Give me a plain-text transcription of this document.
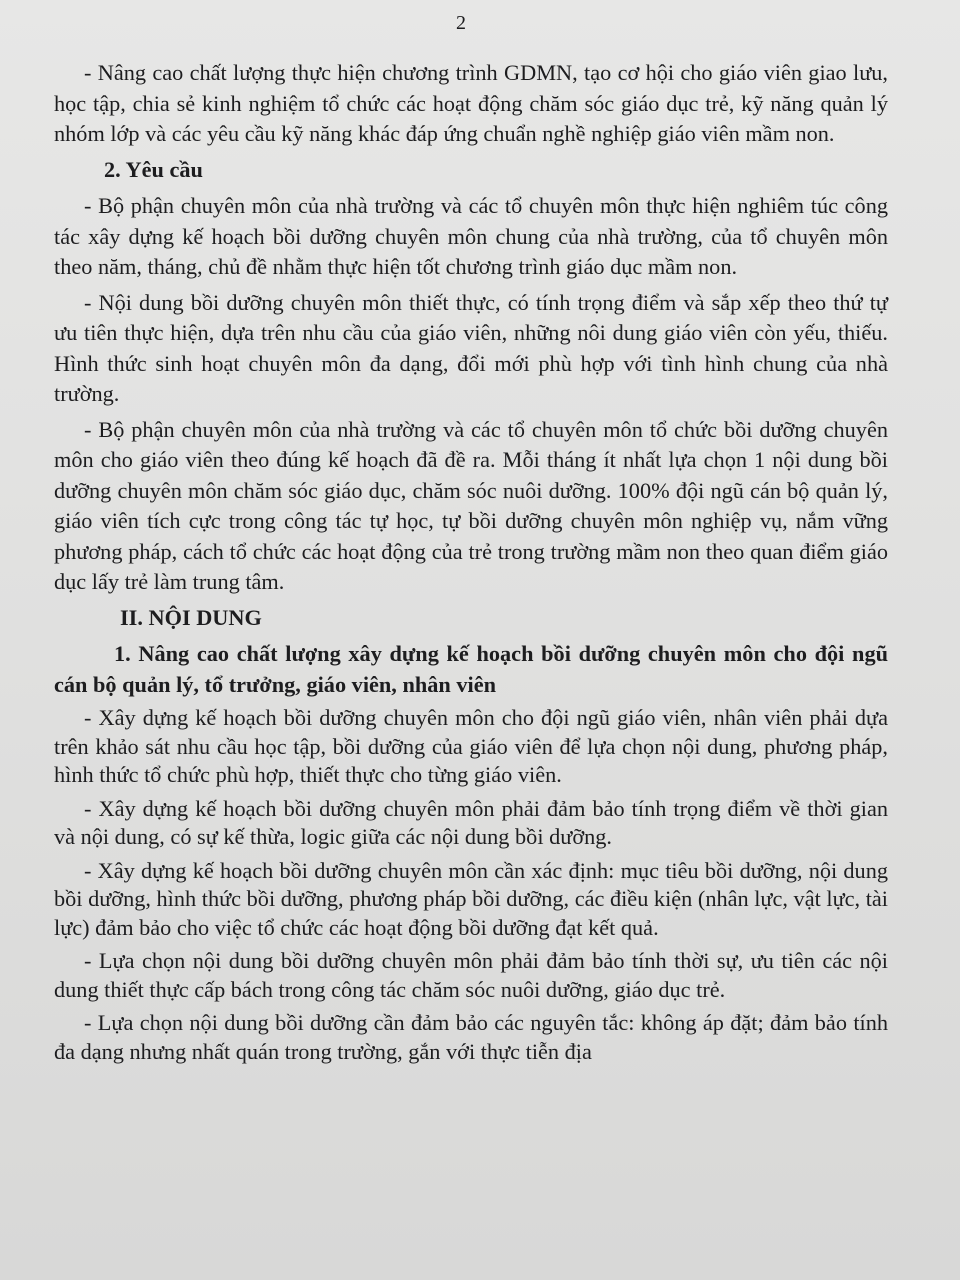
2

- Nâng cao chất lượng thực hiện chương trình GDMN, tạo cơ hội cho giáo viên giao lưu, học tập, chia sẻ kinh nghiệm tổ chức các hoạt động chăm sóc giáo dục trẻ, kỹ năng quản lý nhóm lớp và các yêu cầu kỹ năng khác đáp ứng chuẩn nghề nghiệp giáo viên mầm non.

2. Yêu cầu

- Bộ phận chuyên môn của nhà trường và các tổ chuyên môn thực hiện nghiêm túc công tác xây dựng kế hoạch bồi dưỡng chuyên môn chung của nhà trường, của tổ chuyên môn theo năm, tháng, chủ đề nhằm thực hiện tốt chương trình giáo dục mầm non.

- Nội dung bồi dưỡng chuyên môn thiết thực, có tính trọng điểm và sắp xếp theo thứ tự ưu tiên thực hiện, dựa trên nhu cầu của giáo viên, những nôi dung giáo viên còn yếu, thiếu. Hình thức sinh hoạt chuyên môn đa dạng, đổi mới phù hợp với tình hình chung của nhà trường.

- Bộ phận chuyên môn của nhà trường và các tổ chuyên môn tổ chức bồi dưỡng chuyên môn cho giáo viên theo đúng kế hoạch đã đề ra. Mỗi tháng ít nhất lựa chọn 1 nội dung bồi dưỡng chuyên môn chăm sóc giáo dục, chăm sóc nuôi dưỡng. 100% đội ngũ cán bộ quản lý, giáo viên tích cực trong công tác tự học, tự bồi dưỡng chuyên môn nghiệp vụ, nắm vững phương pháp, cách tổ chức các hoạt động của trẻ trong trường mầm non theo quan điểm giáo dục lấy trẻ làm trung tâm.

II. NỘI DUNG
1. Nâng cao chất lượng xây dựng kế hoạch bồi dưỡng chuyên môn cho đội ngũ cán bộ quản lý, tổ trưởng, giáo viên, nhân viên

- Xây dựng kế hoạch bồi dưỡng chuyên môn cho đội ngũ giáo viên, nhân viên phải dựa trên khảo sát nhu cầu học tập, bồi dưỡng của giáo viên để lựa chọn nội dung, phương pháp, hình thức tổ chức phù hợp, thiết thực cho từng giáo viên.

- Xây dựng kế hoạch bồi dưỡng chuyên môn phải đảm bảo tính trọng điểm về thời gian và nội dung, có sự kế thừa, logic giữa các nội dung bồi dưỡng.

- Xây dựng kế hoạch bồi dưỡng chuyên môn cần xác định: mục tiêu bồi dưỡng, nội dung bồi dưỡng, hình thức bồi dưỡng, phương pháp bồi dưỡng, các điều kiện (nhân lực, vật lực, tài lực) đảm bảo cho việc tổ chức các hoạt động bồi dưỡng đạt kết quả.

- Lựa chọn nội dung bồi dưỡng chuyên môn phải đảm bảo tính thời sự, ưu tiên các nội dung thiết thực cấp bách trong công tác chăm sóc nuôi dưỡng, giáo dục trẻ.

- Lựa chọn nội dung bồi dưỡng cần đảm bảo các nguyên tắc: không áp đặt; đảm bảo tính đa dạng nhưng nhất quán trong trường, gắn với thực tiễn địa
